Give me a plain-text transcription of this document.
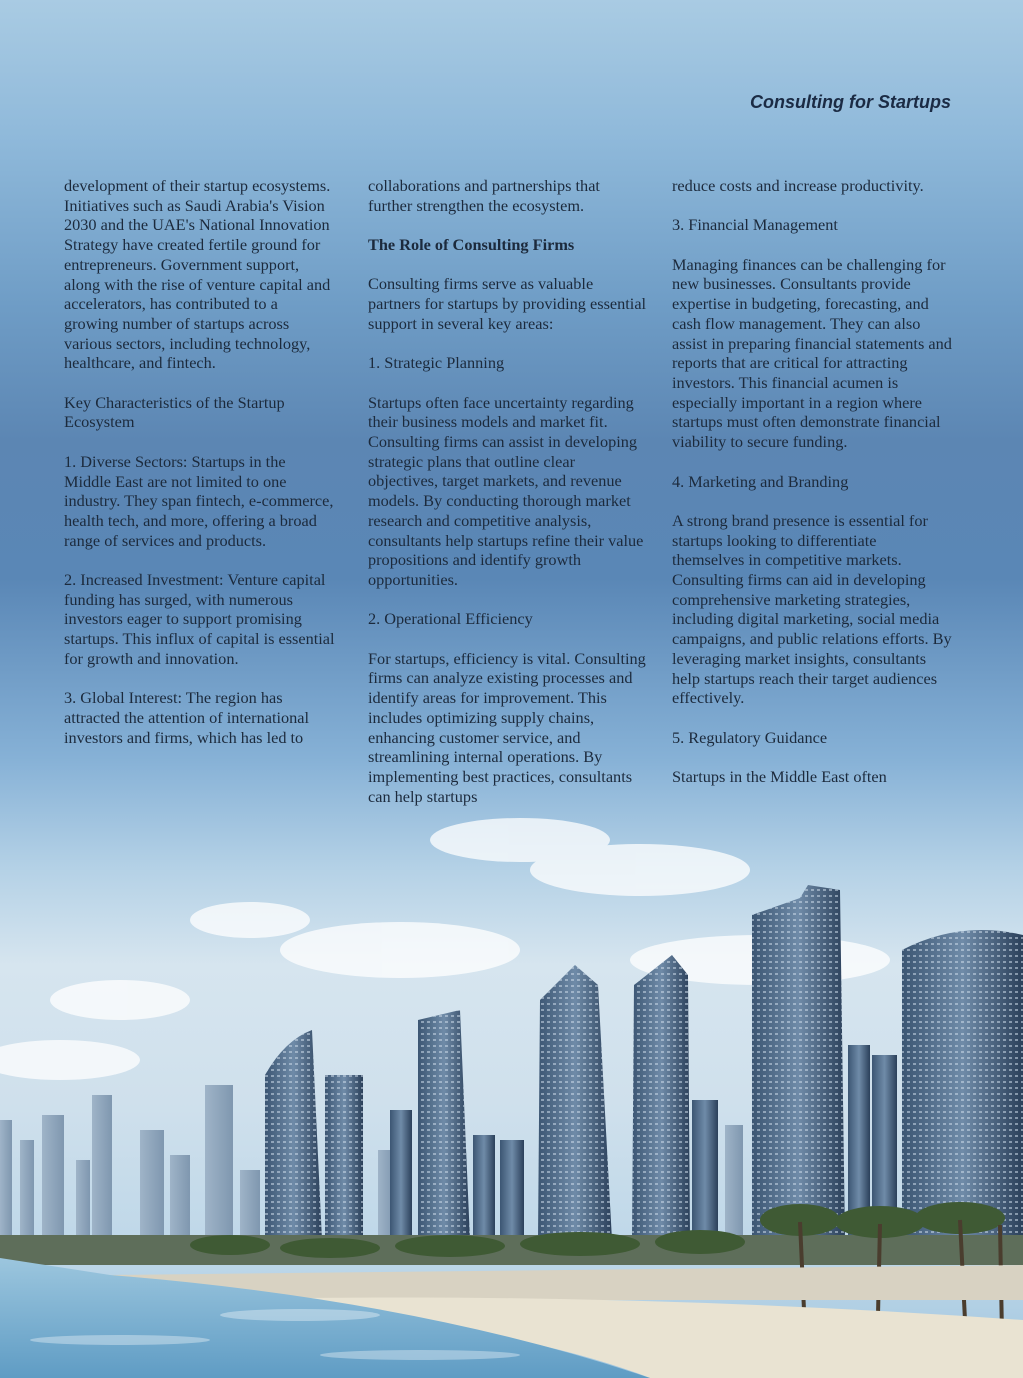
Consulting for Startups

development of their startup ecosystems. Initiatives such as Saudi Arabia's Vision 2030 and the UAE's National Innovation Strategy have created fertile ground for entrepreneurs. Government support, along with the rise of venture capital and accelerators, has contributed to a growing number of startups across various sectors, including technology, healthcare, and fintech.

Key Characteristics of the Startup Ecosystem

1. Diverse Sectors: Startups in the Middle East are not limited to one industry. They span fintech, e-commerce, health tech, and more, offering a broad range of services and products.

2. Increased Investment: Venture capital funding has surged, with numerous investors eager to support promising startups. This influx of capital is essential for growth and innovation.

3. Global Interest: The region has attracted the attention of international investors and firms, which has led to

collaborations and partnerships that further strengthen the ecosystem.

The Role of Consulting Firms

Consulting firms serve as valuable partners for startups by providing essential support in several key areas:

1. Strategic Planning

Startups often face uncertainty regarding their business models and market fit. Consulting firms can assist in developing strategic plans that outline clear objectives, target markets, and revenue models. By conducting thorough market research and competitive analysis, consultants help startups refine their value propositions and identify growth opportunities.

2. Operational Efficiency

For startups, efficiency is vital. Consulting firms can analyze existing processes and identify areas for improvement. This includes optimizing supply chains, enhancing customer service, and streamlining internal operations. By implementing best practices, consultants can help startups

reduce costs and increase productivity.

3. Financial Management

Managing finances can be challenging for new businesses. Consultants provide expertise in budgeting, forecasting, and cash flow management. They can also assist in preparing financial statements and reports that are critical for attracting investors. This financial acumen is especially important in a region where startups must often demonstrate financial viability to secure funding.

4. Marketing and Branding

A strong brand presence is essential for startups looking to differentiate themselves in competitive markets. Consulting firms can aid in developing comprehensive marketing strategies, including digital marketing, social media campaigns, and public relations efforts. By leveraging market insights, consultants help startups reach their target audiences effectively.

5. Regulatory Guidance

Startups in the Middle East often
